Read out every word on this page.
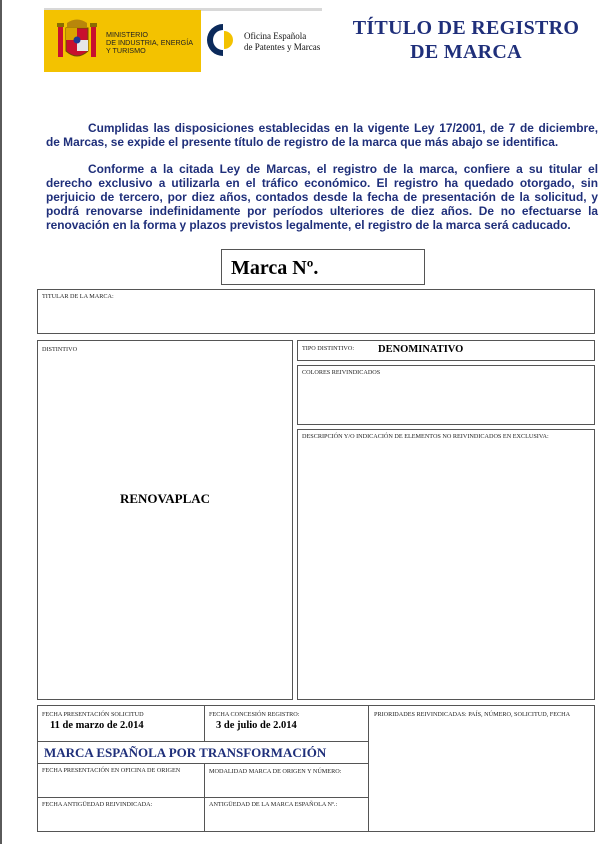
MINISTERIO
DE INDUSTRIA, ENERGÍA
Y TURISMO
Oficina Española
de Patentes y Marcas
TÍTULO DE REGISTRO
DE MARCA
Cumplidas las disposiciones establecidas en la vigente Ley 17/2001, de 7 de diciembre, de Marcas, se expide el presente título de registro de la marca que más abajo se identifica.
Conforme a la citada Ley de Marcas, el registro de la marca, confiere a su titular el derecho exclusivo a utilizarla en el tráfico económico. El registro ha quedado otorgado, sin perjuicio de tercero, por diez años, contados desde la fecha de presentación de la solicitud, y podrá renovarse indefinidamente por períodos ulteriores de diez años. De no efectuarse la renovación en la forma y plazos previstos legalmente, el registro de la marca será caducado.
Marca Nº.
TITULAR DE LA MARCA:
DISTINTIVO
RENOVAPLAC
TIPO DISTINTIVO: DENOMINATIVO
COLORES REIVINDICADOS
DESCRIPCIÓN Y/O INDICACIÓN DE ELEMENTOS NO REIVINDICADOS EN EXCLUSIVA:
FECHA PRESENTACIÓN SOLICITUD
11 de marzo de 2.014
FECHA CONCESIÓN REGISTRO:
3 de julio de 2.014
PRIORIDADES REIVINDICADAS: PAÍS, NÚMERO, SOLICITUD, FECHA
MARCA ESPAÑOLA POR TRANSFORMACIÓN
FECHA PRESENTACIÓN EN OFICINA DE ORIGEN	MODALIDAD MARCA DE ORIGEN Y NÚMERO:
FECHA ANTIGÜEDAD REIVINDICADA:	ANTIGÜEDAD DE LA MARCA ESPAÑOLA Nº.:
